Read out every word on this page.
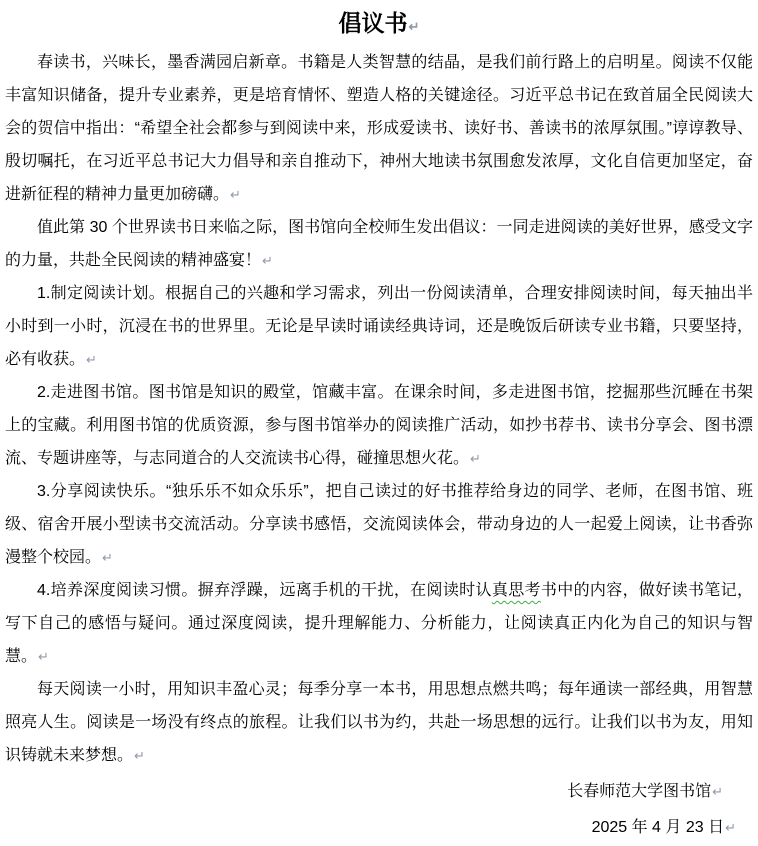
倡议书↵

春读书，兴味长，墨香满园启新章。书籍是人类智慧的结晶，是我们前行路上的启明星。阅读不仅能丰富知识储备，提升专业素养，更是培育情怀、塑造人格的关键途径。习近平总书记在致首届全民阅读大会的贺信中指出：“希望全社会都参与到阅读中来，形成爱读书、读好书、善读书的浓厚氛围。”谆谆教导、殷切嘱托，在习近平总书记大力倡导和亲自推动下，神州大地读书氛围愈发浓厚，文化自信更加坚定，奋进新征程的精神力量更加磅礴。↵

值此第 30 个世界读书日来临之际，图书馆向全校师生发出倡议：一同走进阅读的美好世界，感受文字的力量，共赴全民阅读的精神盛宴！↵

1.制定阅读计划。根据自己的兴趣和学习需求，列出一份阅读清单，合理安排阅读时间，每天抽出半小时到一小时，沉浸在书的世界里。无论是早读时诵读经典诗词，还是晚饭后研读专业书籍，只要坚持，必有收获。↵

2.走进图书馆。图书馆是知识的殿堂，馆藏丰富。在课余时间，多走进图书馆，挖掘那些沉睡在书架上的宝藏。利用图书馆的优质资源，参与图书馆举办的阅读推广活动，如抄书荐书、读书分享会、图书漂流、专题讲座等，与志同道合的人交流读书心得，碰撞思想火花。↵

3.分享阅读快乐。“独乐乐不如众乐乐”，把自己读过的好书推荐给身边的同学、老师，在图书馆、班级、宿舍开展小型读书交流活动。分享读书感悟，交流阅读体会，带动身边的人一起爱上阅读，让书香弥漫整个校园。↵

4.培养深度阅读习惯。摒弃浮躁，远离手机的干扰，在阅读时认真思考书中的内容，做好读书笔记，写下自己的感悟与疑问。通过深度阅读，提升理解能力、分析能力，让阅读真正内化为自己的知识与智慧。↵

每天阅读一小时，用知识丰盈心灵；每季分享一本书，用思想点燃共鸣；每年通读一部经典，用智慧照亮人生。阅读是一场没有终点的旅程。让我们以书为约，共赴一场思想的远行。让我们以书为友，用知识铸就未来梦想。↵

长春师范大学图书馆↵

2025 年 4 月 23 日↵
